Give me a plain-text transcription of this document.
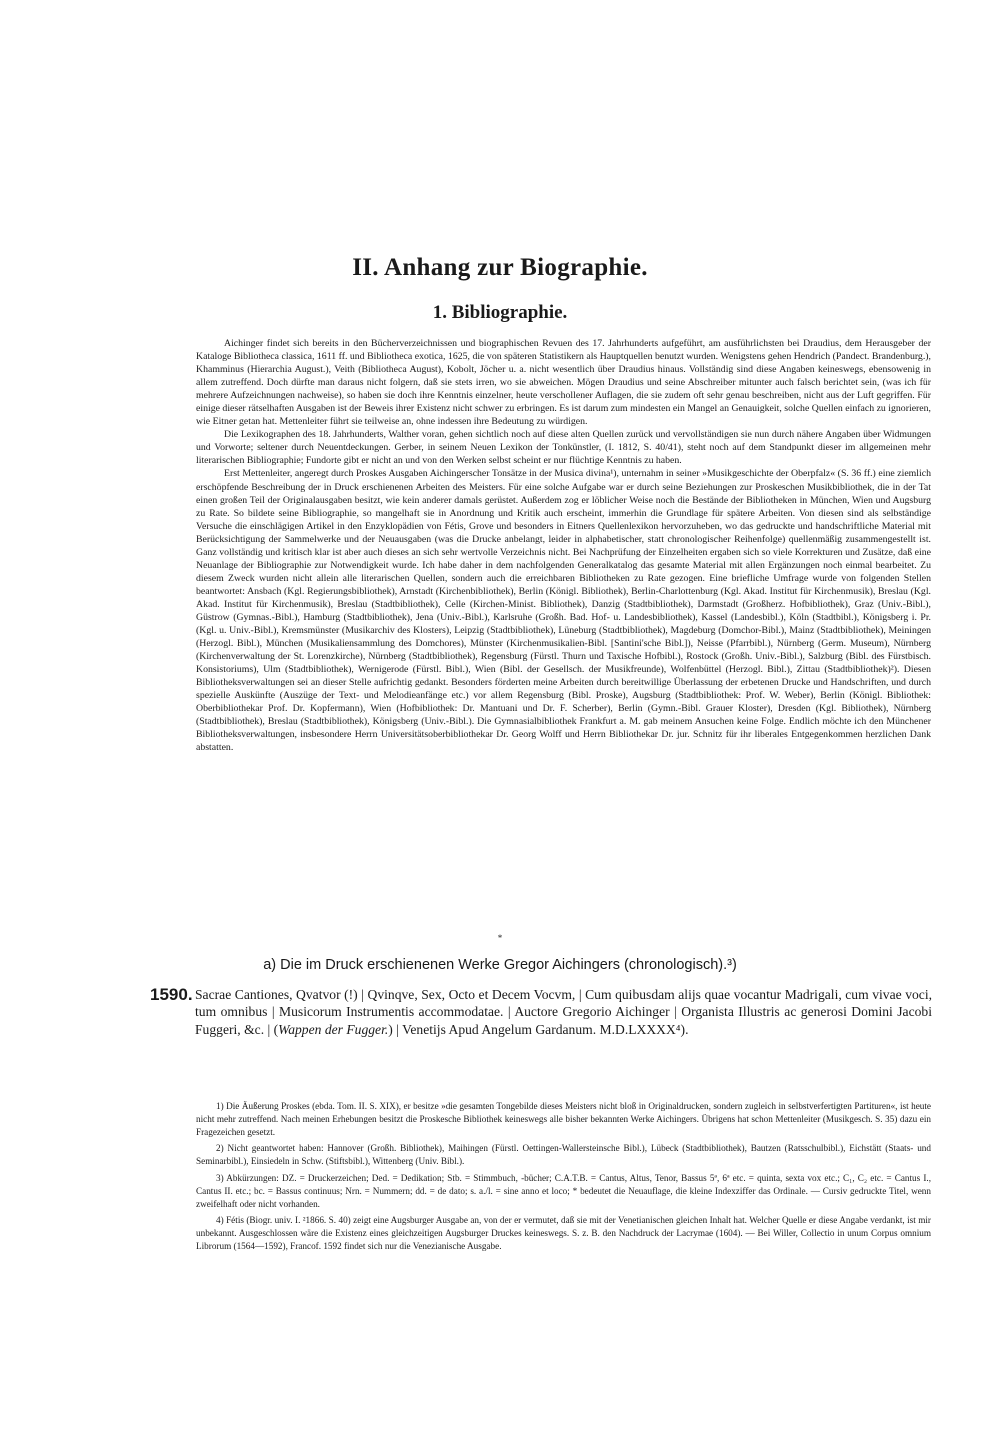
II. Anhang zur Biographie.
1. Bibliographie.

Aichinger findet sich bereits in den Bücherverzeichnissen und biographischen Revuen des 17. Jahrhunderts aufgeführt, am ausführlichsten bei Draudius, dem Herausgeber der Kataloge Bibliotheca classica, 1611 ff. und Bibliotheca exotica, 1625, die von späteren Statistikern als Hauptquellen benutzt wurden. Wenigstens gehen Hendrich (Pandect. Brandenburg.), Khamminus (Hierarchia August.), Veith (Bibliotheca August), Kobolt, Jöcher u. a. nicht wesentlich über Draudius hinaus. Vollständig sind diese Angaben keineswegs, ebensowenig in allem zutreffend. Doch dürfte man daraus nicht folgern, daß sie stets irren, wo sie abweichen. Mögen Draudius und seine Abschreiber mitunter auch falsch berichtet sein, (was ich für mehrere Aufzeichnungen nachweise), so haben sie doch ihre Kenntnis einzelner, heute verschollener Auflagen, die sie zudem oft sehr genau beschreiben, nicht aus der Luft gegriffen. Für einige dieser rätselhaften Ausgaben ist der Beweis ihrer Existenz nicht schwer zu erbringen. Es ist darum zum mindesten ein Mangel an Genauigkeit, solche Quellen einfach zu ignorieren, wie Eitner getan hat. Mettenleiter führt sie teilweise an, ohne indessen ihre Bedeutung zu würdigen.

Die Lexikographen des 18. Jahrhunderts, Walther voran, gehen sichtlich noch auf diese alten Quellen zurück und vervollständigen sie nun durch nähere Angaben über Widmungen und Vorworte; seltener durch Neuentdeckungen. Gerber, in seinem Neuen Lexikon der Tonkünstler, (I. 1812, S. 40/41), steht noch auf dem Standpunkt dieser im allgemeinen mehr literarischen Bibliographie; Fundorte gibt er nicht an und von den Werken selbst scheint er nur flüchtige Kenntnis zu haben.

Erst Mettenleiter, angeregt durch Proskes Ausgaben Aichingerscher Tonsätze in der Musica divina¹), unternahm in seiner »Musikgeschichte der Oberpfalz« (S. 36 ff.) eine ziemlich erschöpfende Beschreibung der in Druck erschienenen Arbeiten des Meisters. Für eine solche Aufgabe war er durch seine Beziehungen zur Proskeschen Musikbibliothek, die in der Tat einen großen Teil der Originalausgaben besitzt, wie kein anderer damals gerüstet. Außerdem zog er löblicher Weise noch die Bestände der Bibliotheken in München, Wien und Augsburg zu Rate. So bildete seine Bibliographie, so mangelhaft sie in Anordnung und Kritik auch erscheint, immerhin die Grundlage für spätere Arbeiten. Von diesen sind als selbständige Versuche die einschlägigen Artikel in den Enzyklopädien von Fétis, Grove und besonders in Eitners Quellenlexikon hervorzuheben, wo das gedruckte und handschriftliche Material mit Berücksichtigung der Sammelwerke und der Neuausgaben (was die Drucke anbelangt, leider in alphabetischer, statt chronologischer Reihenfolge) quellenmäßig zusammengestellt ist. Ganz vollständig und kritisch klar ist aber auch dieses an sich sehr wertvolle Verzeichnis nicht. Bei Nachprüfung der Einzelheiten ergaben sich so viele Korrekturen und Zusätze, daß eine Neuanlage der Bibliographie zur Notwendigkeit wurde. Ich habe daher in dem nachfolgenden Generalkatalog das gesamte Material mit allen Ergänzungen noch einmal bearbeitet. Zu diesem Zweck wurden nicht allein alle literarischen Quellen, sondern auch die erreichbaren Bibliotheken zu Rate gezogen. Eine briefliche Umfrage wurde von folgenden Stellen beantwortet: Ansbach (Kgl. Regierungsbibliothek), Arnstadt (Kirchenbibliothek), Berlin (Königl. Bibliothek), Berlin-Charlottenburg (Kgl. Akad. Institut für Kirchenmusik), Breslau (Kgl. Akad. Institut für Kirchenmusik), Breslau (Stadtbibliothek), Celle (Kirchen-Minist. Bibliothek), Danzig (Stadtbibliothek), Darmstadt (Großherz. Hofbibliothek), Graz (Univ.-Bibl.), Güstrow (Gymnas.-Bibl.), Hamburg (Stadtbibliothek), Jena (Univ.-Bibl.), Karlsruhe (Großh. Bad. Hof- u. Landesbibliothek), Kassel (Landesbibl.), Köln (Stadtbibl.), Königsberg i. Pr. (Kgl. u. Univ.-Bibl.), Kremsmünster (Musikarchiv des Klosters), Leipzig (Stadtbibliothek), Lüneburg (Stadtbibliothek), Magdeburg (Domchor-Bibl.), Mainz (Stadtbibliothek), Meiningen (Herzogl. Bibl.), München (Musikaliensammlung des Domchores), Münster (Kirchenmusikalien-Bibl. [Santini'sche Bibl.]), Neisse (Pfarrbibl.), Nürnberg (Germ. Museum), Nürnberg (Kirchenverwaltung der St. Lorenzkirche), Nürnberg (Stadtbibliothek), Regensburg (Fürstl. Thurn und Taxische Hofbibl.), Rostock (Großh. Univ.-Bibl.), Salzburg (Bibl. des Fürstbisch. Konsistoriums), Ulm (Stadtbibliothek), Wernigerode (Fürstl. Bibl.), Wien (Bibl. der Gesellsch. der Musikfreunde), Wolfenbüttel (Herzogl. Bibl.), Zittau (Stadtbibliothek)²). Diesen Bibliotheksverwaltungen sei an dieser Stelle aufrichtig gedankt. Besonders förderten meine Arbeiten durch bereitwillige Überlassung der erbetenen Drucke und Handschriften, und durch spezielle Auskünfte (Auszüge der Text- und Melodieanfänge etc.) vor allem Regensburg (Bibl. Proske), Augsburg (Stadtbibliothek: Prof. W. Weber), Berlin (Königl. Bibliothek: Oberbibliothekar Prof. Dr. Kopfermann), Wien (Hofbibliothek: Dr. Mantuani und Dr. F. Scherber), Berlin (Gymn.-Bibl. Grauer Kloster), Dresden (Kgl. Bibliothek), Nürnberg (Stadtbibliothek), Breslau (Stadtbibliothek), Königsberg (Univ.-Bibl.). Die Gymnasialbibliothek Frankfurt a. M. gab meinem Ansuchen keine Folge. Endlich möchte ich den Münchener Bibliotheksverwaltungen, insbesondere Herrn Universitätsoberbibliothekar Dr. Georg Wolff und Herrn Bibliothekar Dr. jur. Schnitz für ihr liberales Entgegenkommen herzlichen Dank abstatten.

*
a) Die im Druck erschienenen Werke Gregor Aichingers (chronologisch).³)
1590. Sacrae Cantiones, Qvatvor (!) | Qvinqve, Sex, Octo et Decem Vocvm, | Cum quibusdam alijs quae vocantur Madrigali, cum vivae voci, tum omnibus | Musicorum Instrumentis accommodatae. | Auctore Gregorio Aichinger | Organista Illustris ac generosi Domini Jacobi Fuggeri, &c. | (Wappen der Fugger.) | Venetijs Apud Angelum Gardanum. M.D.LXXXX⁴).

1) Die Äußerung Proskes (ebda. Tom. II. S. XIX), er besitze »die gesamten Tongebilde dieses Meisters nicht bloß in Originaldrucken, sondern zugleich in selbstverfertigten Partituren«, ist heute nicht mehr zutreffend. Nach meinen Erhebungen besitzt die Proskesche Bibliothek keineswegs alle bisher bekannten Werke Aichingers. Übrigens hat schon Mettenleiter (Musikgesch. S. 35) dazu ein Fragezeichen gesetzt.

2) Nicht geantwortet haben: Hannover (Großh. Bibliothek), Maihingen (Fürstl. Oettingen-Wallersteinsche Bibl.), Lübeck (Stadtbibliothek), Bautzen (Ratsschulbibl.), Eichstätt (Staats- und Seminarbibl.), Einsiedeln in Schw. (Stiftsbibl.), Wittenberg (Univ. Bibl.).

3) Abkürzungen: DZ. = Druckerzeichen; Ded. = Dedikation; Stb. = Stimmbuch, -bücher; C.A.T.B. = Cantus, Altus, Tenor, Bassus 5ª, 6ª etc. = quinta, sexta vox etc.; C₁, C₂ etc. = Cantus I., Cantus II. etc.; bc. = Bassus continuus; Nrn. = Nummern; dd. = de dato; s. a./l. = sine anno et loco; * bedeutet die Neuauflage, die kleine Indexziffer das Ordinale. — Cursiv gedruckte Titel, wenn zweifelhaft oder nicht vorhanden.

4) Fétis (Biogr. univ. I. ²1866. S. 40) zeigt eine Augsburger Ausgabe an, von der er vermutet, daß sie mit der Venetianischen gleichen Inhalt hat. Welcher Quelle er diese Angabe verdankt, ist mir unbekannt. Ausgeschlossen wäre die Existenz eines gleichzeitigen Augsburger Druckes keineswegs. S. z. B. den Nachdruck der Lacrymae (1604). — Bei Willer, Collectio in unum Corpus omnium Librorum (1564—1592), Francof. 1592 findet sich nur die Venezianische Ausgabe.
